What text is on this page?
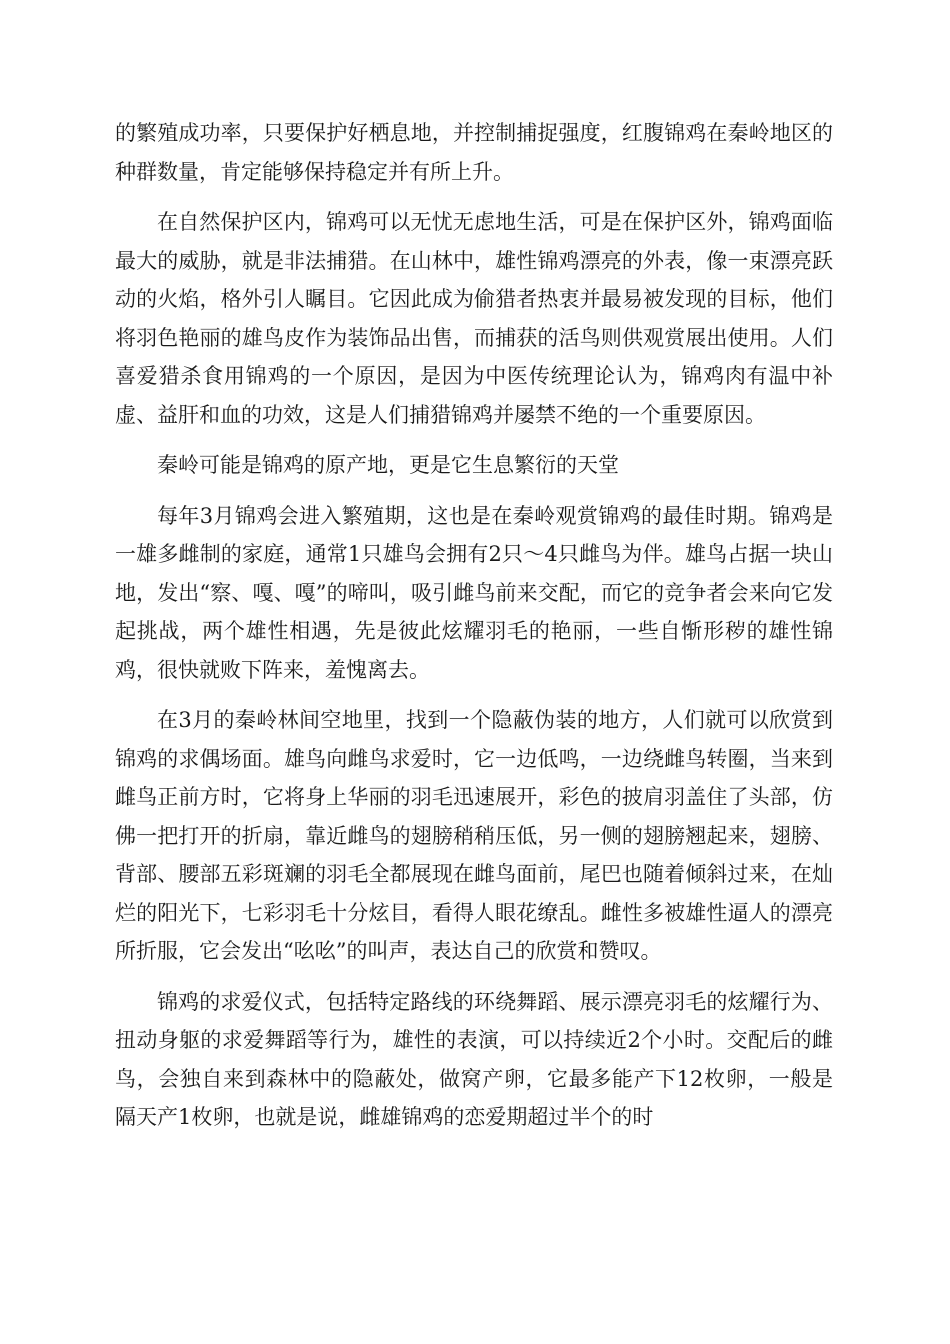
的繁殖成功率，只要保护好栖息地，并控制捕捉强度，红腹锦鸡在秦岭地区的种群数量，肯定能够保持稳定并有所上升。

在自然保护区内，锦鸡可以无忧无虑地生活，可是在保护区外，锦鸡面临最大的威胁，就是非法捕猎。在山林中，雄性锦鸡漂亮的外表，像一束漂亮跃动的火焰，格外引人瞩目。它因此成为偷猎者热衷并最易被发现的目标，他们将羽色艳丽的雄鸟皮作为装饰品出售，而捕获的活鸟则供观赏展出使用。人们喜爱猎杀食用锦鸡的一个原因，是因为中医传统理论认为，锦鸡肉有温中补虚、益肝和血的功效，这是人们捕猎锦鸡并屡禁不绝的一个重要原因。

秦岭可能是锦鸡的原产地，更是它生息繁衍的天堂

每年3月锦鸡会进入繁殖期，这也是在秦岭观赏锦鸡的最佳时期。锦鸡是一雄多雌制的家庭，通常1只雄鸟会拥有2只～4只雌鸟为伴。雄鸟占据一块山地，发出“察、嘎、嘎”的啼叫，吸引雌鸟前来交配，而它的竞争者会来向它发起挑战，两个雄性相遇，先是彼此炫耀羽毛的艳丽，一些自惭形秽的雄性锦鸡，很快就败下阵来，羞愧离去。

在3月的秦岭林间空地里，找到一个隐蔽伪装的地方，人们就可以欣赏到锦鸡的求偶场面。雄鸟向雌鸟求爱时，它一边低鸣，一边绕雌鸟转圈，当来到雌鸟正前方时，它将身上华丽的羽毛迅速展开，彩色的披肩羽盖住了头部，仿佛一把打开的折扇，靠近雌鸟的翅膀稍稍压低，另一侧的翅膀翘起来，翅膀、背部、腰部五彩斑斓的羽毛全都展现在雌鸟面前，尾巴也随着倾斜过来，在灿烂的阳光下，七彩羽毛十分炫目，看得人眼花缭乱。雌性多被雄性逼人的漂亮所折服，它会发出“吆吆”的叫声，表达自己的欣赏和赞叹。

锦鸡的求爱仪式，包括特定路线的环绕舞蹈、展示漂亮羽毛的炫耀行为、扭动身躯的求爱舞蹈等行为，雄性的表演，可以持续近2个小时。交配后的雌鸟，会独自来到森林中的隐蔽处，做窝产卵，它最多能产下12枚卵，一般是隔天产1枚卵，也就是说，雌雄锦鸡的恋爱期超过半个的时
